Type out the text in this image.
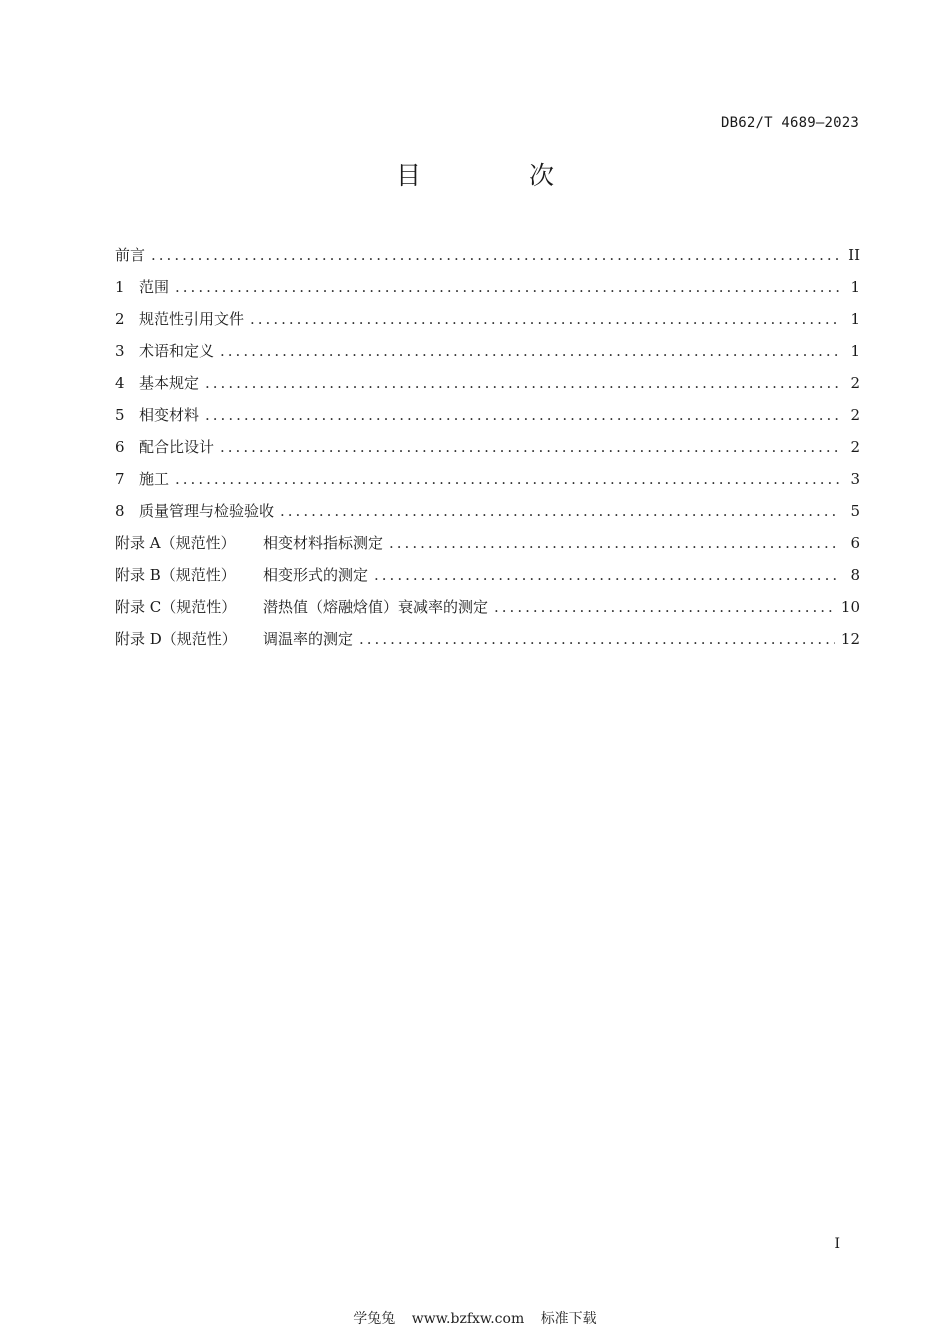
DB62/T 4689—2023
目 次
前言 .....	II
1 范围 .....	1
2 规范性引用文件 .....	1
3 术语和定义 .....	1
4 基本规定 .....	2
5 相变材料 .....	2
6 配合比设计 .....	2
7 施工 .....	3
8 质量管理与检验验收 .....	5
附录 A（规范性）	相变材料指标测定 .....	6
附录 B（规范性）	相变形式的测定 .....	8
附录 C（规范性）	潜热值（熔融焓值）衰减率的测定 .....	10
附录 D（规范性）	调温率的测定 .....	12
I
学兔兔 www.bzfxw.com 标准下载
